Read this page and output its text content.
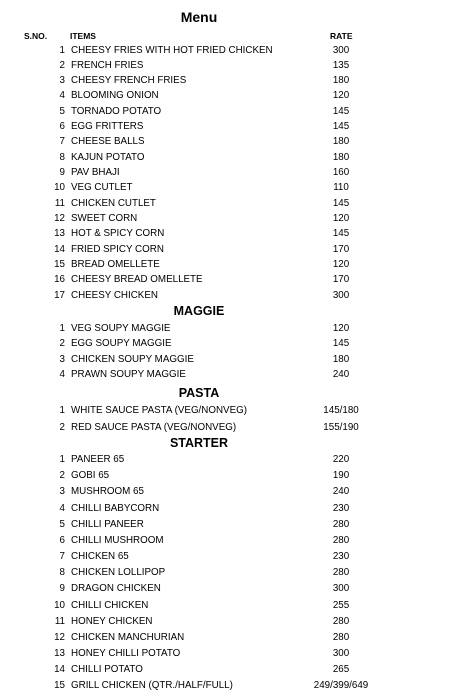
Menu
S.NO.	ITEMS	RATE
1 CHEESY FRIES WITH HOT FRIED CHICKEN	300
2 FRENCH FRIES	135
3 CHEESY FRENCH FRIES	180
4 BLOOMING ONION	120
5 TORNADO POTATO	145
6 EGG FRITTERS	145
7 CHEESE BALLS	180
8 KAJUN POTATO	180
9 PAV BHAJI	160
10 VEG CUTLET	110
11 CHICKEN CUTLET	145
12 SWEET CORN	120
13 HOT & SPICY CORN	145
14 FRIED SPICY CORN	170
15 BREAD OMELLETE	120
16 CHEESY BREAD OMELLETE	170
17 CHEESY CHICKEN	300
MAGGIE
1 VEG SOUPY MAGGIE	120
2 EGG SOUPY MAGGIE	145
3 CHICKEN SOUPY MAGGIE	180
4 PRAWN SOUPY MAGGIE	240
PASTA
1 WHITE SAUCE PASTA (VEG/NONVEG)	145/180
2 RED SAUCE PASTA (VEG/NONVEG)	155/190
STARTER
1 PANEER 65	220
2 GOBI 65	190
3 MUSHROOM 65	240
4 CHILLI BABYCORN	230
5 CHILLI PANEER	280
6 CHILLI MUSHROOM	280
7 CHICKEN 65	230
8 CHICKEN LOLLIPOP	280
9 DRAGON CHICKEN	300
10 CHILLI CHICKEN	255
11 HONEY CHICKEN	280
12 CHICKEN MANCHURIAN	280
13 HONEY CHILLI POTATO	300
14 CHILLI POTATO	265
15 GRILL CHICKEN (QTR./HALF/FULL)	249/399/649
